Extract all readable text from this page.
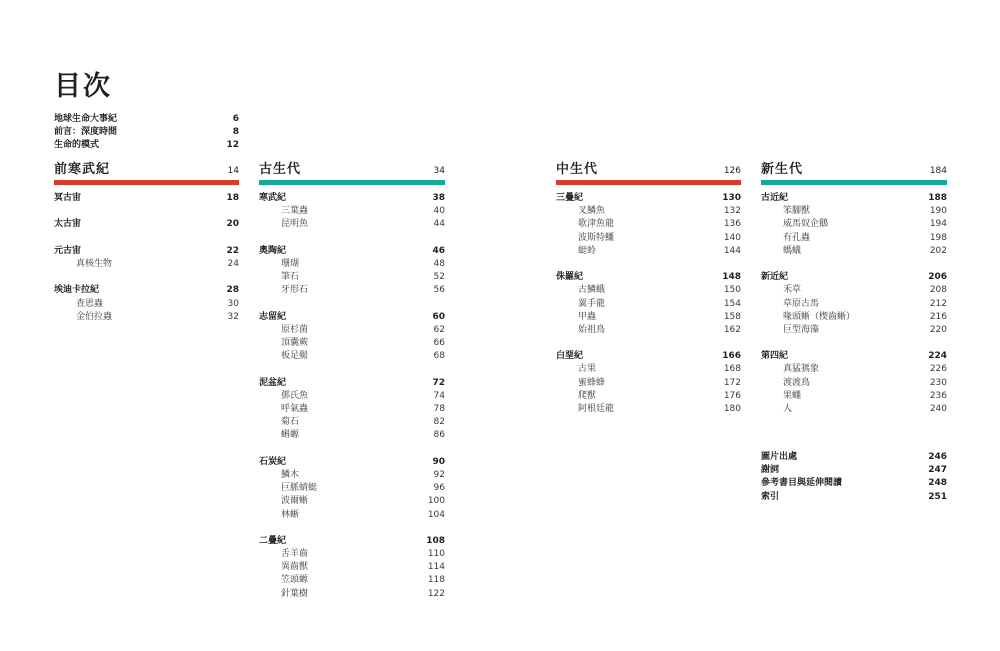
目次
地球生命大事紀	6
前言：深度時間	8
生命的模式	12
前寒武紀	14
冥古宙	18
太古宙	20
元古宙	22
真核生物	24
埃迪卡拉紀	28
查恩蟲	30
金伯拉蟲	32
古生代	34
寒武紀	38
三葉蟲	40
昆明魚	44
奧陶紀	46
珊瑚	48
筆石	52
牙形石	56
志留紀	60
原杉菌	62
頂囊蕨	66
板足鱟	68
泥盆紀	72
鄧氏魚	74
呼氣蟲	78
菊石	82
蝌螈	86
石炭紀	90
鱗木	92
巨脈蜻蜓	96
波爾蜥	100
林蜥	104
二疊紀	108
舌羊齒	110
異齒獸	114
笠頭螈	118
針葉樹	122
中生代	126
三疊紀	130
叉鱗魚	132
歌津魚龍	136
波斯特鱷	140
蜓蛉	144
侏羅紀	148
古鱗蛾	150
翼手龍	154
甲蟲	158
始祖鳥	162
白堊紀	166
古果	168
蜜蜂蜂	172
爬獸	176
阿根廷龍	180
新生代	184
古近紀	188
笨腳獸	190
威馬奴企鵝	194
有孔蟲	198
螞蟻	202
新近紀	206
禾草	208
草原古馬	212
喙頭蜥（楔齒蜥）	216
巨型海藻	220
第四紀	224
真猛獁象	226
渡渡鳥	230
果蠅	236
人	240
圖片出處	246
謝詞	247
參考書目與延伸閱讀	248
索引	251
